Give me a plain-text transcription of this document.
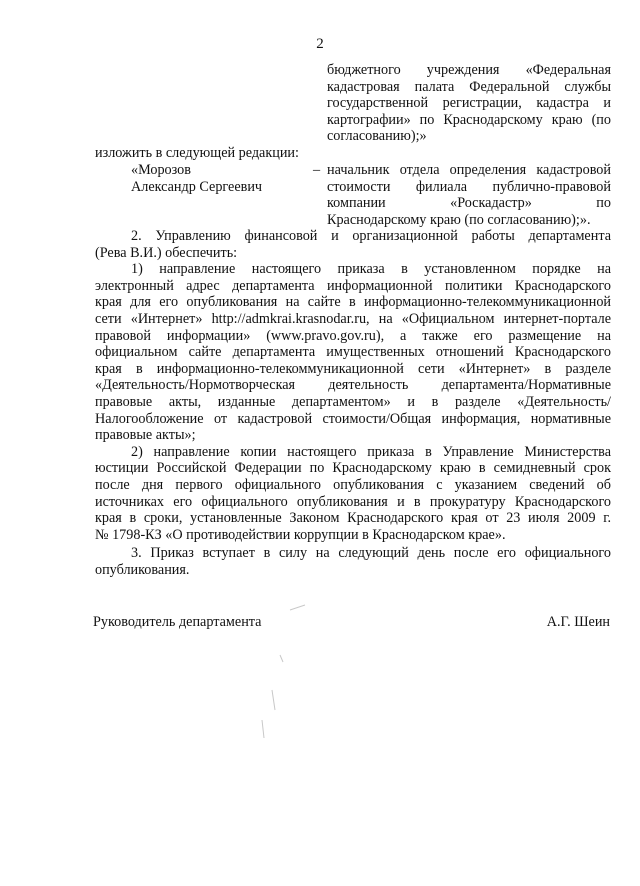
2
бюджетного учреждения «Федеральная
кадастровая палата Федеральной службы
государственной регистрации, кадастра и
картографии» по Краснодарскому краю (по
согласованию);»
изложить в следующей редакции:
«Морозов
Александр Сергеевич
– начальник отдела определения кадастровой
стоимости филиала публично-правовой
компании «Роскадастр» по
Краснодарскому краю (по согласованию);».
2. Управлению финансовой и организационной работы департамента
(Рева В.И.) обеспечить:
1) направление настоящего приказа в установленном порядке на
электронный адрес департамента информационной политики Краснодарского
края для его опубликования на сайте в информационно-телекоммуникационной
сети «Интернет» http://admkrai.krasnodar.ru, на «Официальном интернет-портале
правовой информации» (www.pravo.gov.ru), а также его размещение на
официальном сайте департамента имущественных отношений Краснодарского
края в информационно-телекоммуникационной сети «Интернет» в разделе
«Деятельность/Нормотворческая деятельность департамента/Нормативные
правовые акты, изданные департаментом» и в разделе «Деятельность/
Налогообложение от кадастровой стоимости/Общая информация, нормативные
правовые акты»;
2) направление копии настоящего приказа в Управление Министерства
юстиции Российской Федерации по Краснодарскому краю в семидневный срок
после дня первого официального опубликования с указанием сведений об
источниках его официального опубликования и в прокуратуру Краснодарского
края в сроки, установленные Законом Краснодарского края от 23 июля 2009 г.
№ 1798-КЗ «О противодействии коррупции в Краснодарском крае».
3. Приказ вступает в силу на следующий день после его официального
опубликования.
Руководитель департамента	А.Г. Шеин
